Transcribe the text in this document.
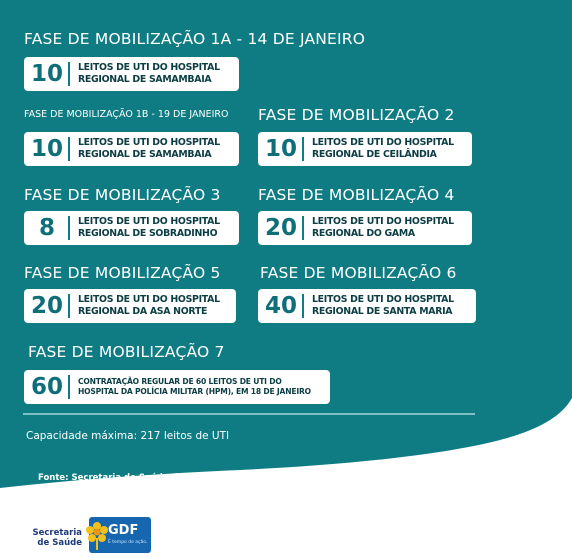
FASE DE MOBILIZAÇÃO 1A - 14 DE JANEIRO
10	LEITOS DE UTI DO HOSPITAL
REGIONAL DE SAMAMBAIA
FASE DE MOBILIZAÇÃO 1B - 19 DE JANEIRO
10	LEITOS DE UTI DO HOSPITAL
REGIONAL DE SAMAMBAIA
FASE DE MOBILIZAÇÃO 2
10	LEITOS DE UTI DO HOSPITAL
REGIONAL DE CEILÂNDIA
FASE DE MOBILIZAÇÃO 3
8	LEITOS DE UTI DO HOSPITAL
REGIONAL DE SOBRADINHO
FASE DE MOBILIZAÇÃO 4
20	LEITOS DE UTI DO HOSPITAL
REGIONAL DO GAMA
FASE DE MOBILIZAÇÃO 5
20	LEITOS DE UTI DO HOSPITAL
REGIONAL DA ASA NORTE
FASE DE MOBILIZAÇÃO 6
40	LEITOS DE UTI DO HOSPITAL
REGIONAL DE SANTA MARIA
FASE DE MOBILIZAÇÃO 7
60	CONTRATAÇÃO REGULAR DE 60 LEITOS DE UTI DO
HOSPITAL DA POLÍCIA MILITAR (HPM), EM 18 DE JANEIRO
Capacidade máxima: 217 leitos de UTI
Fonte: Secretaria de Saúde do DF
Secretaria
de Saúde
GDF
É tempo de ação.
